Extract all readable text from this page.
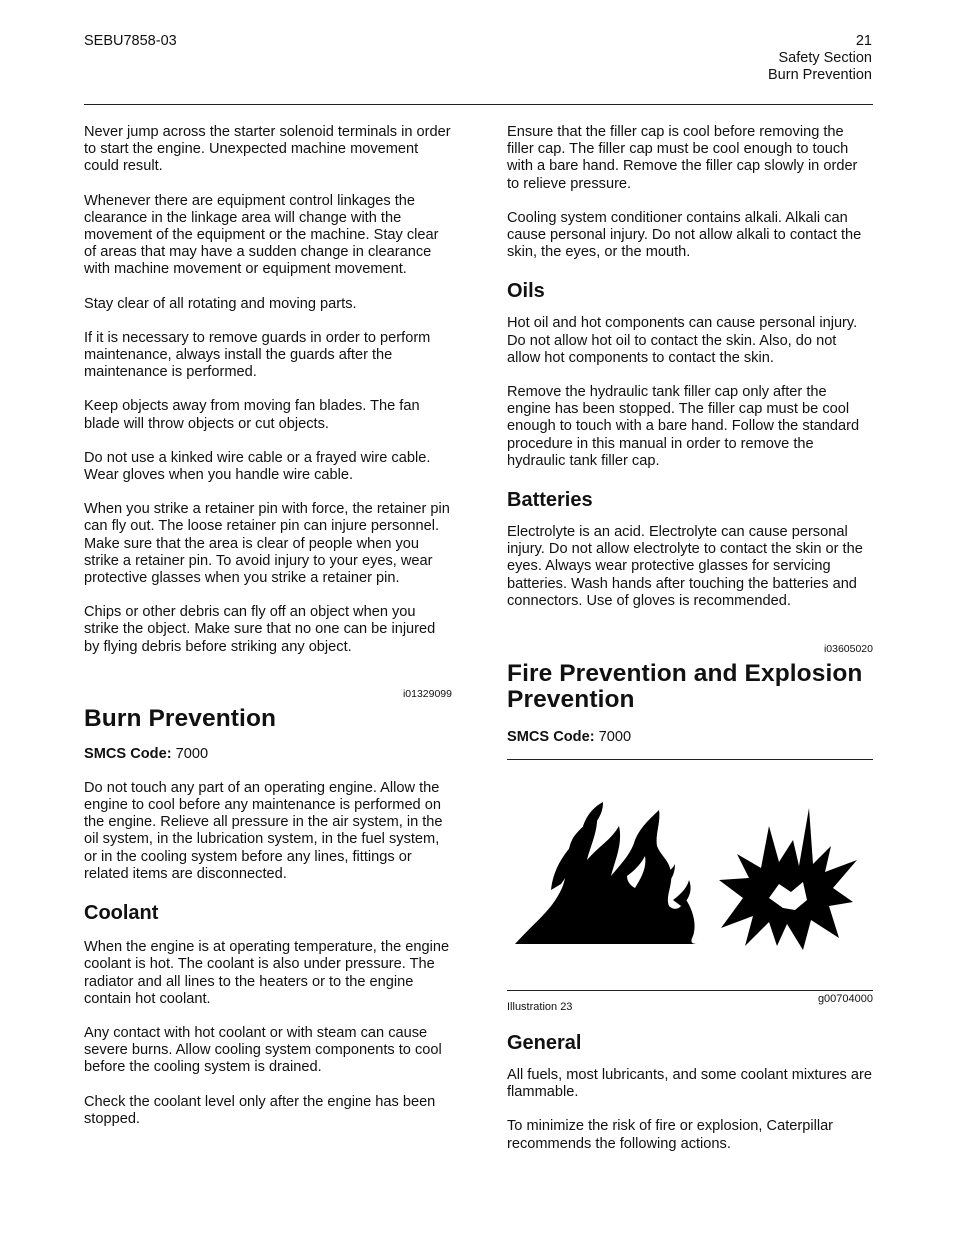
SEBU7858-03	21
Safety Section
Burn Prevention

Never jump across the starter solenoid terminals in order to start the engine. Unexpected machine movement could result.

Whenever there are equipment control linkages the clearance in the linkage area will change with the movement of the equipment or the machine. Stay clear of areas that may have a sudden change in clearance with machine movement or equipment movement.

Stay clear of all rotating and moving parts.

If it is necessary to remove guards in order to perform maintenance, always install the guards after the maintenance is performed.

Keep objects away from moving fan blades. The fan blade will throw objects or cut objects.

Do not use a kinked wire cable or a frayed wire cable. Wear gloves when you handle wire cable.

When you strike a retainer pin with force, the retainer pin can fly out. The loose retainer pin can injure personnel. Make sure that the area is clear of people when you strike a retainer pin. To avoid injury to your eyes, wear protective glasses when you strike a retainer pin.

Chips or other debris can fly off an object when you strike the object. Make sure that no one can be injured by flying debris before striking any object.

i01329099
Burn Prevention
SMCS Code: 7000

Do not touch any part of an operating engine. Allow the engine to cool before any maintenance is performed on the engine. Relieve all pressure in the air system, in the oil system, in the lubrication system, in the fuel system, or in the cooling system before any lines, fittings or related items are disconnected.

Coolant

When the engine is at operating temperature, the engine coolant is hot. The coolant is also under pressure. The radiator and all lines to the heaters or to the engine contain hot coolant.

Any contact with hot coolant or with steam can cause severe burns. Allow cooling system components to cool before the cooling system is drained.

Check the coolant level only after the engine has been stopped.

Ensure that the filler cap is cool before removing the filler cap. The filler cap must be cool enough to touch with a bare hand. Remove the filler cap slowly in order to relieve pressure.

Cooling system conditioner contains alkali. Alkali can cause personal injury. Do not allow alkali to contact the skin, the eyes, or the mouth.

Oils

Hot oil and hot components can cause personal injury. Do not allow hot oil to contact the skin. Also, do not allow hot components to contact the skin.

Remove the hydraulic tank filler cap only after the engine has been stopped. The filler cap must be cool enough to touch with a bare hand. Follow the standard procedure in this manual in order to remove the hydraulic tank filler cap.

Batteries

Electrolyte is an acid. Electrolyte can cause personal injury. Do not allow electrolyte to contact the skin or the eyes. Always wear protective glasses for servicing batteries. Wash hands after touching the batteries and connectors. Use of gloves is recommended.

i03605020
Fire Prevention and Explosion Prevention
SMCS Code: 7000
Illustration 23
g00704000
General

All fuels, most lubricants, and some coolant mixtures are flammable.

To minimize the risk of fire or explosion, Caterpillar recommends the following actions.
